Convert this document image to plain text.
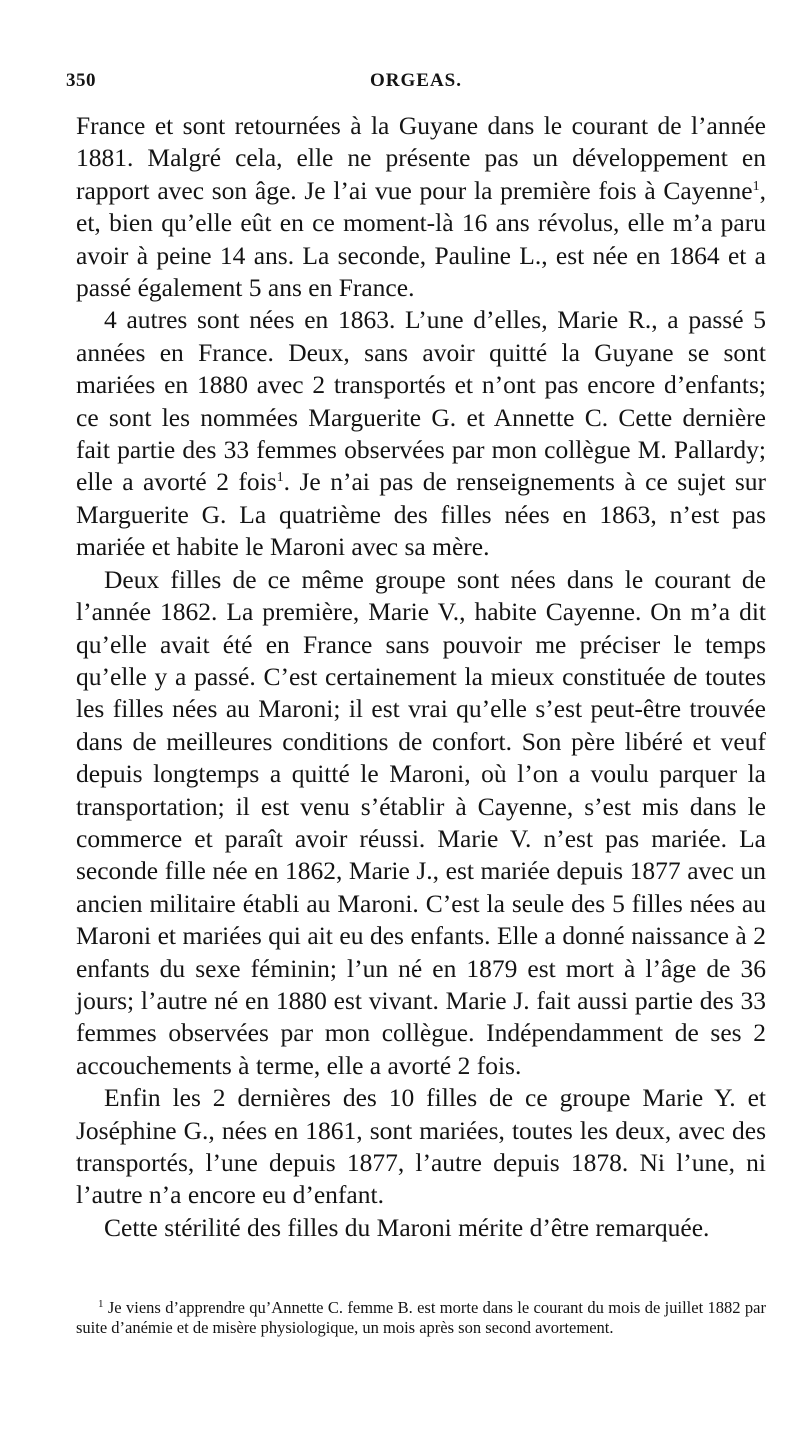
350	ORGEAS.

France et sont retournées à la Guyane dans le courant de l’année 1881. Malgré cela, elle ne présente pas un développement en rapport avec son âge. Je l’ai vue pour la première fois à Cayenne$^1$, et, bien qu’elle eût en ce moment-là 16 ans révolus, elle m’a paru avoir à peine 14 ans. La seconde, Pauline L., est née en 1864 et a passé également 5 ans en France.

4 autres sont nées en 1863. L’une d’elles, Marie R., a passé 5 années en France. Deux, sans avoir quitté la Guyane se sont mariées en 1880 avec 2 transportés et n’ont pas encore d’enfants; ce sont les nommées Marguerite G. et Annette C. Cette dernière fait partie des 33 femmes observées par mon collègue M. Pallardy; elle a avorté 2 fois$^1$. Je n’ai pas de renseignements à ce sujet sur Marguerite G. La quatrième des filles nées en 1863, n’est pas mariée et habite le Maroni avec sa mère.

Deux filles de ce même groupe sont nées dans le courant de l’année 1862. La première, Marie V., habite Cayenne. On m’a dit qu’elle avait été en France sans pouvoir me préciser le temps qu’elle y a passé. C’est certainement la mieux constituée de toutes les filles nées au Maroni; il est vrai qu’elle s’est peut-être trouvée dans de meilleures conditions de confort. Son père libéré et veuf depuis longtemps a quitté le Maroni, où l’on a voulu parquer la transportation; il est venu s’établir à Cayenne, s’est mis dans le commerce et paraît avoir réussi. Marie V. n’est pas mariée. La seconde fille née en 1862, Marie J., est mariée depuis 1877 avec un ancien militaire établi au Maroni. C’est la seule des 5 filles nées au Maroni et mariées qui ait eu des enfants. Elle a donné naissance à 2 enfants du sexe féminin; l’un né en 1879 est mort à l’âge de 36 jours; l’autre né en 1880 est vivant. Marie J. fait aussi partie des 33 femmes observées par mon collègue. Indépendamment de ses 2 accouchements à terme, elle a avorté 2 fois.

Enfin les 2 dernières des 10 filles de ce groupe Marie Y. et Joséphine G., nées en 1861, sont mariées, toutes les deux, avec des transportés, l’une depuis 1877, l’autre depuis 1878. Ni l’une, ni l’autre n’a encore eu d’enfant.

Cette stérilité des filles du Maroni mérite d’être remarquée.

$^1$ Je viens d’apprendre qu’Annette C. femme B. est morte dans le courant du mois de juillet 1882 par suite d’anémie et de misère physiologique, un mois après son second avortement.
